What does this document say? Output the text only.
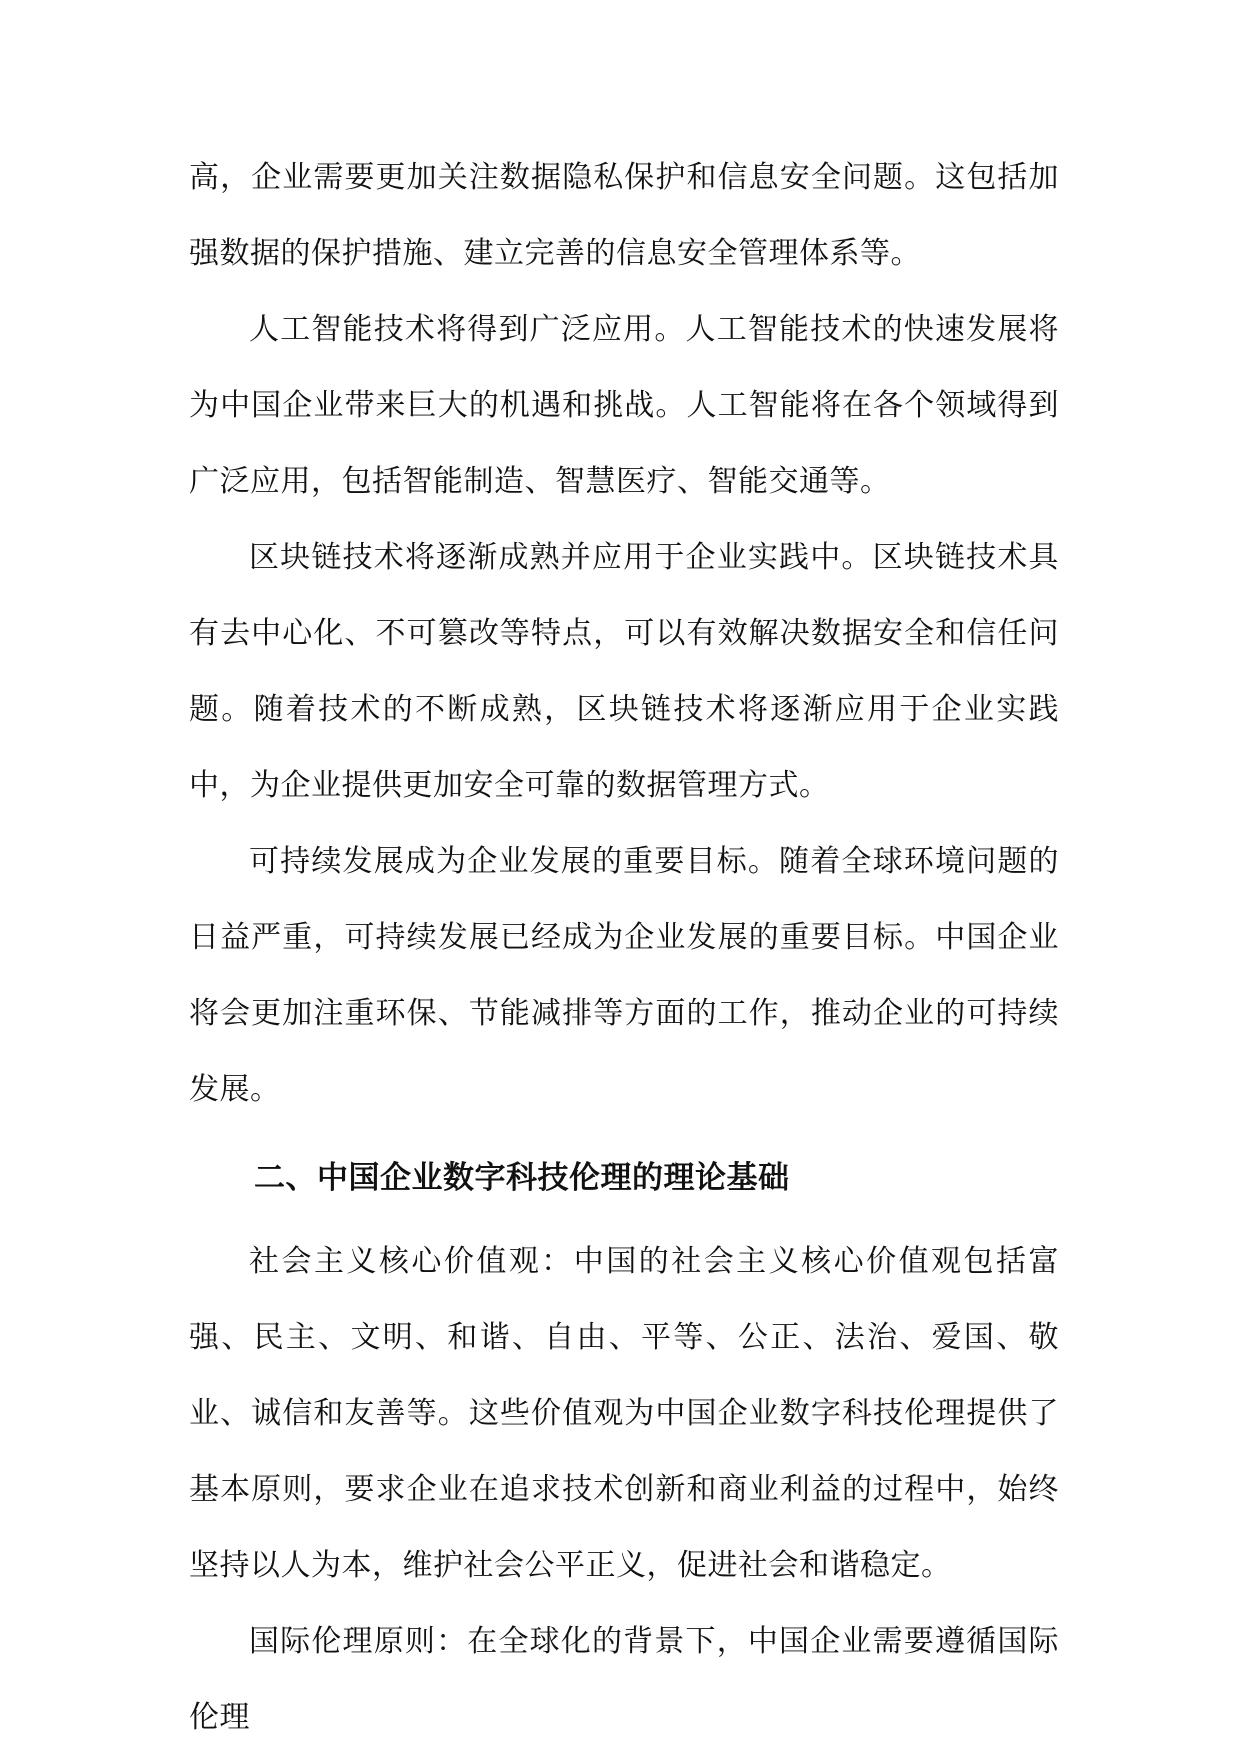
高，企业需要更加关注数据隐私保护和信息安全问题。这包括加强数据的保护措施、建立完善的信息安全管理体系等。

人工智能技术将得到广泛应用。人工智能技术的快速发展将为中国企业带来巨大的机遇和挑战。人工智能将在各个领域得到广泛应用，包括智能制造、智慧医疗、智能交通等。

区块链技术将逐渐成熟并应用于企业实践中。区块链技术具有去中心化、不可篡改等特点，可以有效解决数据安全和信任问题。随着技术的不断成熟，区块链技术将逐渐应用于企业实践中，为企业提供更加安全可靠的数据管理方式。

可持续发展成为企业发展的重要目标。随着全球环境问题的日益严重，可持续发展已经成为企业发展的重要目标。中国企业将会更加注重环保、节能减排等方面的工作，推动企业的可持续发展。

二、中国企业数字科技伦理的理论基础

社会主义核心价值观：中国的社会主义核心价值观包括富强、民主、文明、和谐、自由、平等、公正、法治、爱国、敬业、诚信和友善等。这些价值观为中国企业数字科技伦理提供了基本原则，要求企业在追求技术创新和商业利益的过程中，始终坚持以人为本，维护社会公平正义，促进社会和谐稳定。

国际伦理原则：在全球化的背景下，中国企业需要遵循国际伦理
